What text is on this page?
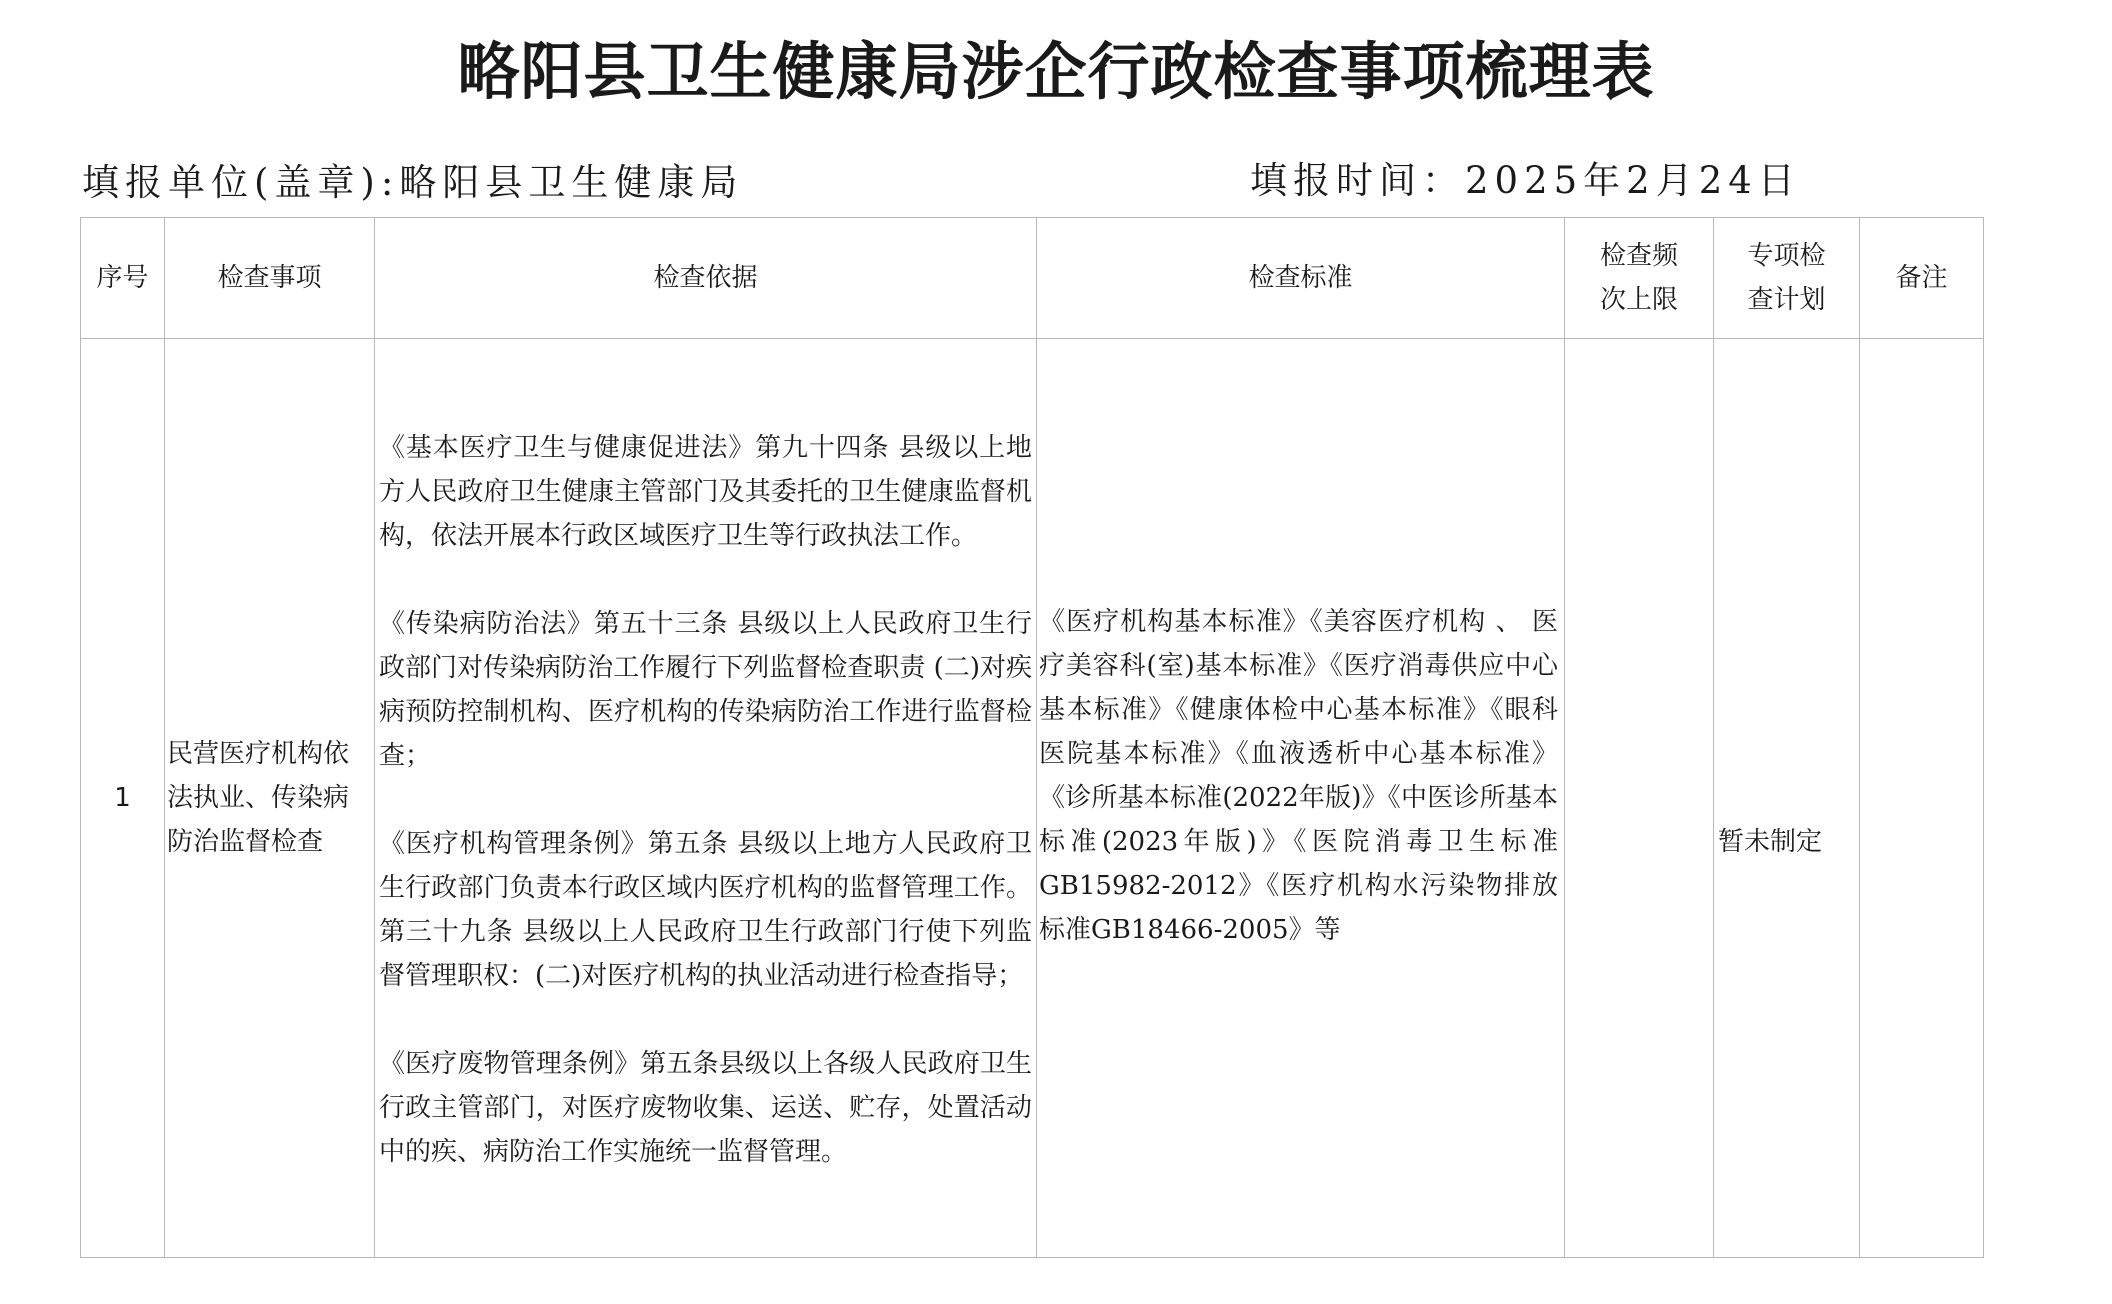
略阳县卫生健康局涉企行政检查事项梳理表
填报单位(盖章):略阳县卫生健康局	填报时间：2025年2月24日
序号	检查事项	检查依据	检查标准	检查频次上限	专项检查计划	备注
1	民营医疗机构依法执业、传染病防治监督检查	《基本医疗卫生与健康促进法》第九十四条 县级以上地方人民政府卫生健康主管部门及其委托的卫生健康监督机构，依法开展本行政区域医疗卫生等行政执法工作。

《传染病防治法》第五十三条 县级以上人民政府卫生行政部门对传染病防治工作履行下列监督检查职责 (二)对疾病预防控制机构、医疗机构的传染病防治工作进行监督检查；

《医疗机构管理条例》第五条 县级以上地方人民政府卫生行政部门负责本行政区域内医疗机构的监督管理工作。第三十九条 县级以上人民政府卫生行政部门行使下列监督管理职权：(二)对医疗机构的执业活动进行检查指导；

《医疗废物管理条例》第五条县级以上各级人民政府卫生 行政主管部门，对医疗废物收集、运送、贮存，处置活动中的疾、病防治工作实施统一监督管理。	《医疗机构基本标准》《美容医疗机构 、 医疗美容科(室)基本标准》《医疗消毒供应中心基本标准》《健康体检中心基本标准》《眼科医院基本标准》《血液透析中心基本标准》《诊所基本标准(2022年版)》《中医诊所基本标准(2023年版)》《医院消毒卫生标准GB15982-2012》《医疗机构水污染物排放标准GB18466-2005》等		暂未制定	
